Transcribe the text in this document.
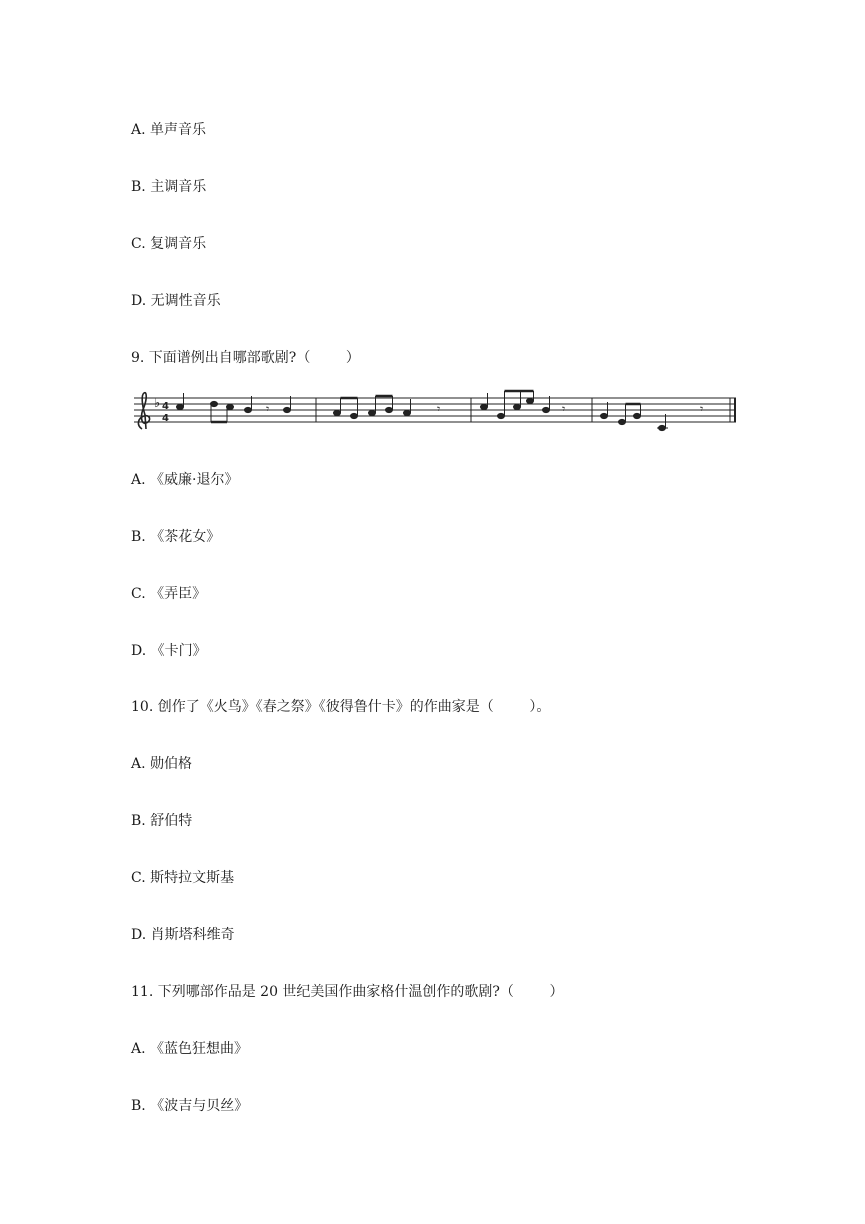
A. 单声音乐
B. 主调音乐
C. 复调音乐
D. 无调性音乐
9. 下面谱例出自哪部歌剧?（        ）
♭ 4
4
𝄾	𝄾	𝄾	𝄾
A. 《威廉·退尔》
B. 《茶花女》
C. 《弄臣》
D. 《卡门》
10. 创作了《火鸟》《春之祭》《彼得鲁什卡》的作曲家是（        ）。
A. 勋伯格
B. 舒伯特
C. 斯特拉文斯基
D. 肖斯塔科维奇
11. 下列哪部作品是 20 世纪美国作曲家格什温创作的歌剧?（        ）
A. 《蓝色狂想曲》
B. 《波吉与贝丝》
